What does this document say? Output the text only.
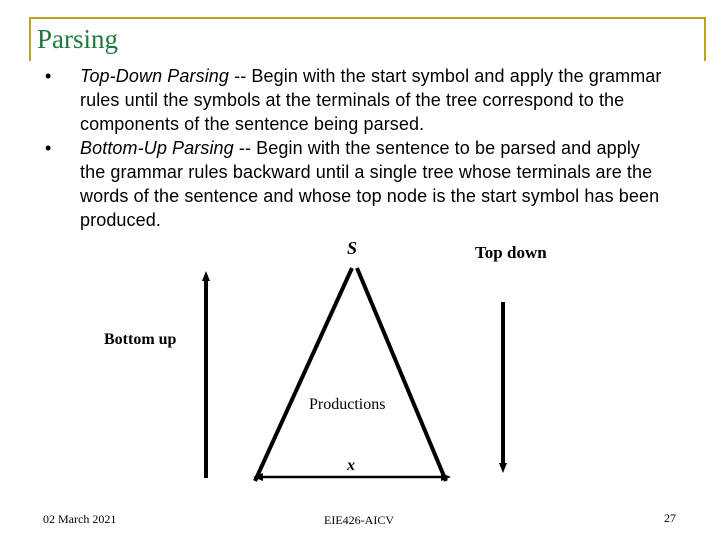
Parsing
•	Top-Down Parsing -- Begin with the start symbol and apply the grammar rules until the symbols at the terminals of the tree correspond to the components of the sentence being parsed.
•	Bottom-Up Parsing -- Begin with the sentence to be parsed and apply the grammar rules backward until a single tree whose terminals are the words of the sentence and whose top node is the start symbol has been produced.
S	Top down
Bottom up
Productions
x
02 March 2021	EIE426-AICV	27
